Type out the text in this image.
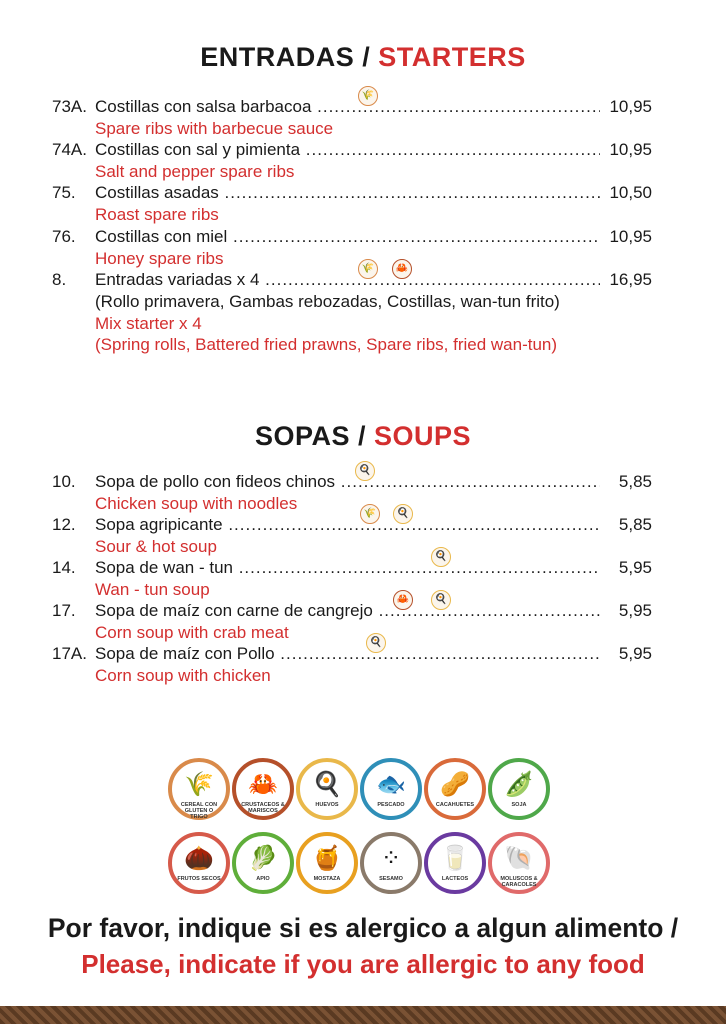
ENTRADAS / STARTERS
73A. Costillas con salsa barbacoa .....	10,95
🌾
Spare ribs with barbecue sauce
74A. Costillas con sal y pimienta .....	10,95
Salt and pepper spare ribs
75. Costillas asadas .....	10,50
Roast spare ribs
76. Costillas con miel .....	10,95
Honey spare ribs
8. Entradas variadas x 4 .....	16,95
🌾	🦀
(Rollo primavera, Gambas rebozadas, Costillas, wan-tun frito)
Mix starter x 4
(Spring rolls, Battered fried prawns, Spare ribs, fried wan-tun)
SOPAS / SOUPS
10. Sopa de pollo con fideos chinos .....	5,85
🍳
Chicken soup with noodles
12. Sopa agripicante .....	5,85
🌾	🍳
Sour & hot soup
14. Sopa de wan - tun .....	5,95
🍳
Wan - tun soup
17. Sopa de maíz con carne de cangrejo .....	5,95
🦀	🍳
Corn soup with crab meat
17A. Sopa de maíz con Pollo .....	5,95
🍳
Corn soup with chicken
🌾
CEREAL CON GLUTEN O TRIGO
🦀
CRUSTACEOS & MARISCOS
🍳
HUEVOS
🐟
PESCADO
🥜
CACAHUETES
🫛
SOJA
🌰
FRUTOS SECOS
🥬
APIO
🍯
MOSTAZA
⁘
SESAMO
🥛
LACTEOS
🐚
MOLUSCOS & CARACOLES

Por favor, indique si es alergico a algun alimento /

Please, indicate if you are allergic to any food
